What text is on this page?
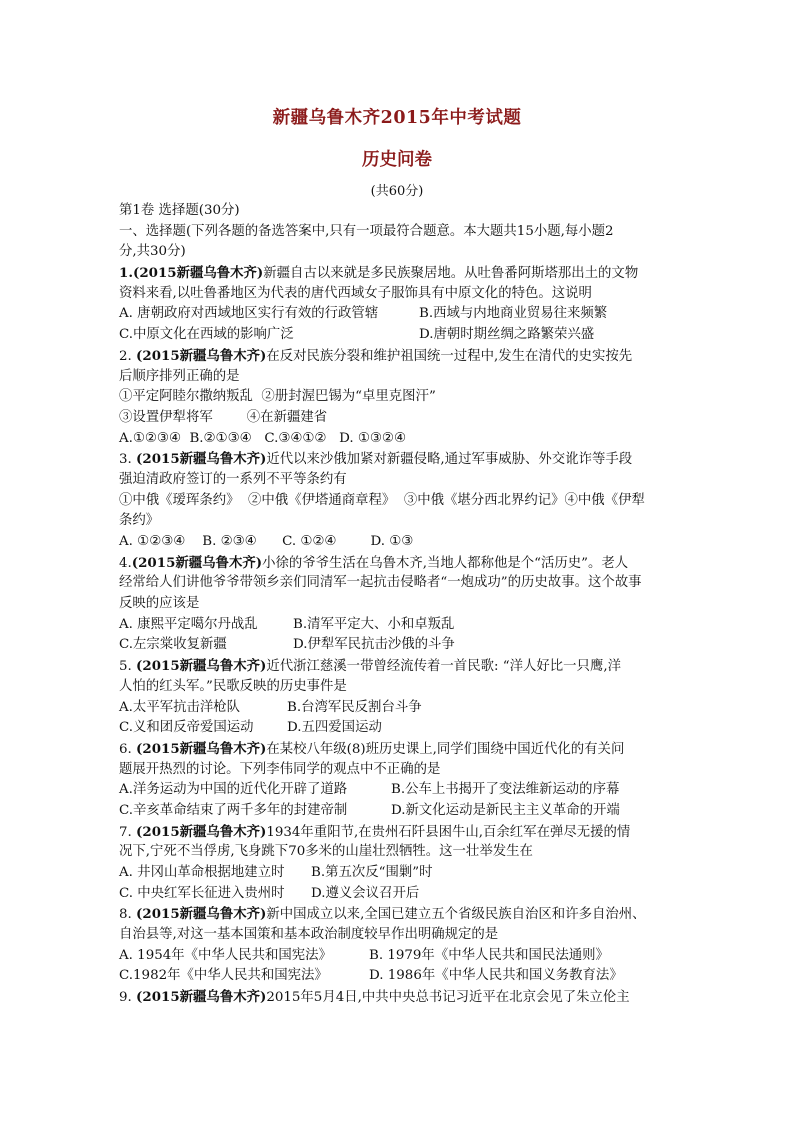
新疆乌鲁木齐2015年中考试题
历史问卷
(共60分)
第1卷 选择题(30分)
一、选择题(下列各题的备选答案中,只有一项最符合题意。本大题共15小题,每小题2
分,共30分)
1.(2015新疆乌鲁木齐)新疆自古以来就是多民族聚居地。从吐鲁番阿斯塔那出土的文物
资料来看,以吐鲁番地区为代表的唐代西域女子服饰具有中原文化的特色。这说明
A. 唐朝政府对西域地区实行有效的行政管辖	B.西域与内地商业贸易往来频繁
C.中原文化在西域的影响广泛	D.唐朝时期丝绸之路繁荣兴盛
2. (2015新疆乌鲁木齐)在反对民族分裂和维护祖国统一过程中,发生在清代的史实按先
后顺序排列正确的是
①平定阿睦尔撒纳叛乱  ②册封渥巴锡为“卓里克图汗”
③设置伊犁将军        ④在新疆建省
A.①②③④  B.②①③④   C.③④①②   D. ①③②④
3. (2015新疆乌鲁木齐)近代以来沙俄加紧对新疆侵略,通过军事威胁、外交讹诈等手段
强迫清政府签订的一系列不平等条约有
①中俄《瑷珲条约》  ②中俄《伊塔通商章程》  ③中俄《堪分西北界约记》④中俄《伊犁
条约》
A. ①②③④    B. ②③④      C. ①②④        D. ①③
4.(2015新疆乌鲁木齐)小徐的爷爷生活在乌鲁木齐,当地人都称他是个“活历史”。老人
经常给人们讲他爷爷带领乡亲们同清军一起抗击侵略者“一炮成功”的历史故事。这个故事
反映的应该是
A. 康熙平定噶尔丹战乱	B.清军平定大、小和卓叛乱
C.左宗棠收复新疆	D.伊犁军民抗击沙俄的斗争
5. (2015新疆乌鲁木齐)近代浙江慈溪一带曾经流传着一首民歌: “洋人好比一只鹰,洋
人怕的红头军。”民歌反映的历史事件是
A.太平军抗击洋枪队	B.台湾军民反割台斗争
C.义和团反帝爱国运动	D.五四爱国运动
6. (2015新疆乌鲁木齐)在某校八年级(8)班历史课上,同学们围绕中国近代化的有关问
题展开热烈的讨论。下列李伟同学的观点中不正确的是
A.洋务运动为中国的近代化开辟了道路	B.公车上书揭开了变法维新运动的序幕
C.辛亥革命结束了两千多年的封建帝制	D.新文化运动是新民主主义革命的开端
7. (2015新疆乌鲁木齐)1934年重阳节,在贵州石阡县困牛山,百余红军在弹尽无援的情
况下,宁死不当俘虏,飞身跳下70多米的山崖壮烈牺牲。这一壮举发生在
A. 井冈山革命根据地建立时	B.第五次反“围剿”时
C. 中央红军长征进入贵州时	D.遵义会议召开后
8. (2015新疆乌鲁木齐)新中国成立以来,全国已建立五个省级民族自治区和许多自治州、
自治县等,对这一基本国策和基本政治制度较早作出明确规定的是
A. 1954年《中华人民共和国宪法》	B. 1979年《中华人民共和国民法通则》
C.1982年《中华人民共和国宪法》	D. 1986年《中华人民共和国义务教育法》
9. (2015新疆乌鲁木齐)2015年5月4日,中共中央总书记习近平在北京会见了朱立伦主
